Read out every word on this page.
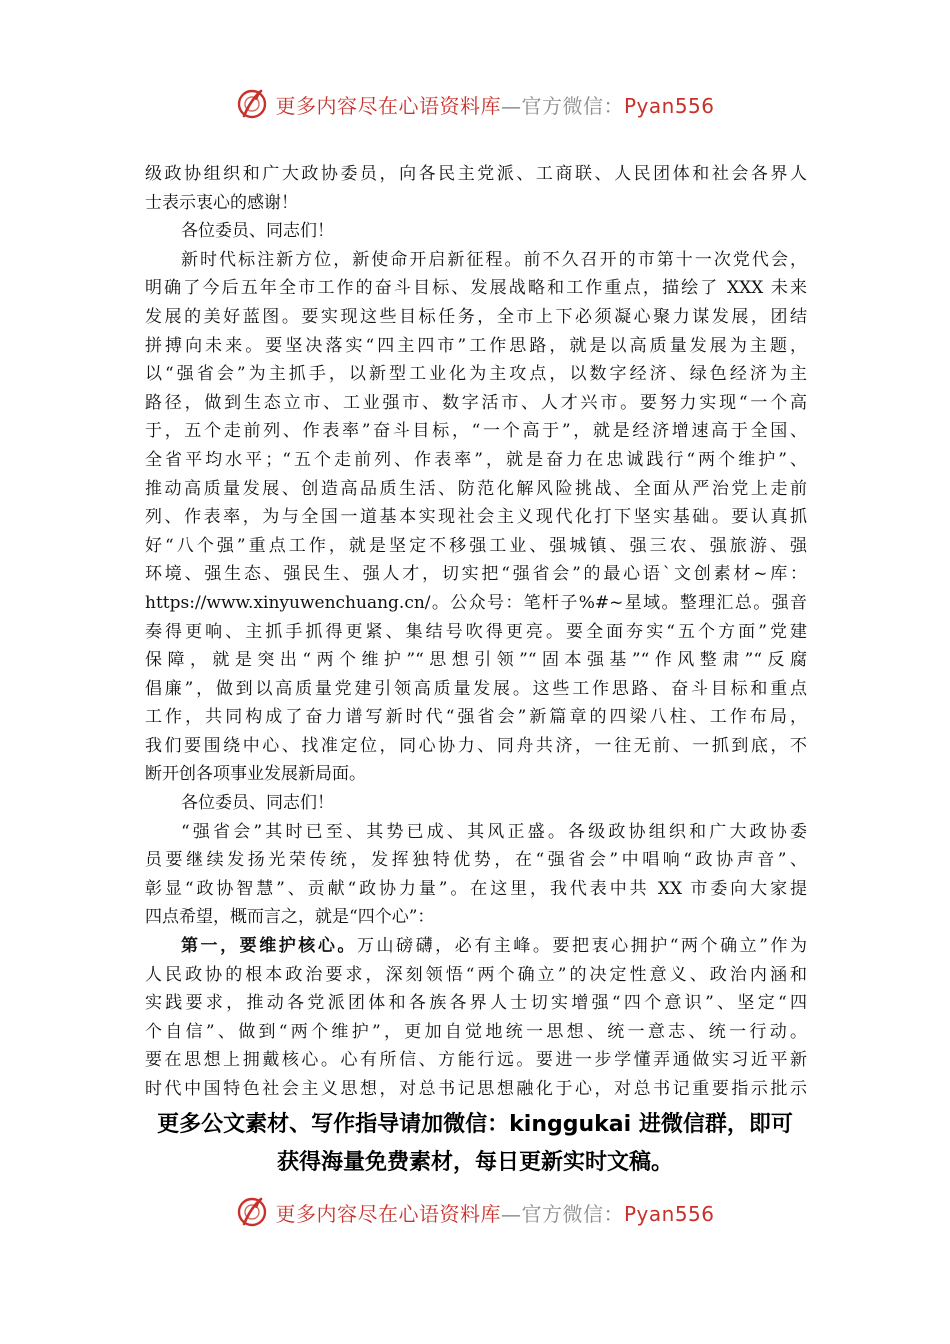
更多内容尽在心语资料库—官方微信：Pyan556
级政协组织和广大政协委员，向各民主党派、工商联、人民团体和社会各界人
士表示衷心的感谢！
各位委员、同志们！
新时代标注新方位，新使命开启新征程。前不久召开的市第十一次党代会，
明确了今后五年全市工作的奋斗目标、发展战略和工作重点，描绘了 XXX 未来
发展的美好蓝图。要实现这些目标任务，全市上下必须凝心聚力谋发展，团结
拼搏向未来。要坚决落实“四主四市”工作思路，就是以高质量发展为主题，
以“强省会”为主抓手，以新型工业化为主攻点，以数字经济、绿色经济为主
路径，做到生态立市、工业强市、数字活市、人才兴市。要努力实现“一个高
于，五个走前列、作表率”奋斗目标，“一个高于”，就是经济增速高于全国、
全省平均水平；“五个走前列、作表率”，就是奋力在忠诚践行“两个维护”、
推动高质量发展、创造高品质生活、防范化解风险挑战、全面从严治党上走前
列、作表率，为与全国一道基本实现社会主义现代化打下坚实基础。要认真抓
好“八个强”重点工作，就是坚定不移强工业、强城镇、强三农、强旅游、强
环境、强生态、强民生、强人才，切实把“强省会”的最心语`文创素材~库：
https://www.xinyuwenchuang.cn/。公众号：笔杆子%#~星域。整理汇总。强音
奏得更响、主抓手抓得更紧、集结号吹得更亮。要全面夯实“五个方面”党建
保障，就是突出“两个维护”“思想引领”“固本强基”“作风整肃”“反腐
倡廉”，做到以高质量党建引领高质量发展。这些工作思路、奋斗目标和重点
工作，共同构成了奋力谱写新时代“强省会”新篇章的四梁八柱、工作布局，
我们要围绕中心、找准定位，同心协力、同舟共济，一往无前、一抓到底，不
断开创各项事业发展新局面。
各位委员、同志们！
“强省会”其时已至、其势已成、其风正盛。各级政协组织和广大政协委
员要继续发扬光荣传统，发挥独特优势，在“强省会”中唱响“政协声音”、
彰显“政协智慧”、贡献“政协力量”。在这里，我代表中共 XX 市委向大家提
四点希望，概而言之，就是“四个心”：
第一，要维护核心。万山磅礴，必有主峰。要把衷心拥护“两个确立”作为
人民政协的根本政治要求，深刻领悟“两个确立”的决定性意义、政治内涵和
实践要求，推动各党派团体和各族各界人士切实增强“四个意识”、坚定“四
个自信”、做到“两个维护”，更加自觉地统一思想、统一意志、统一行动。
要在思想上拥戴核心。心有所信、方能行远。要进一步学懂弄通做实习近平新
时代中国特色社会主义思想，对总书记思想融化于心，对总书记重要指示批示
更多公文素材、写作指导请加微信：kinggukai 进微信群，即可
获得海量免费素材，每日更新实时文稿。
更多内容尽在心语资料库—官方微信：Pyan556
